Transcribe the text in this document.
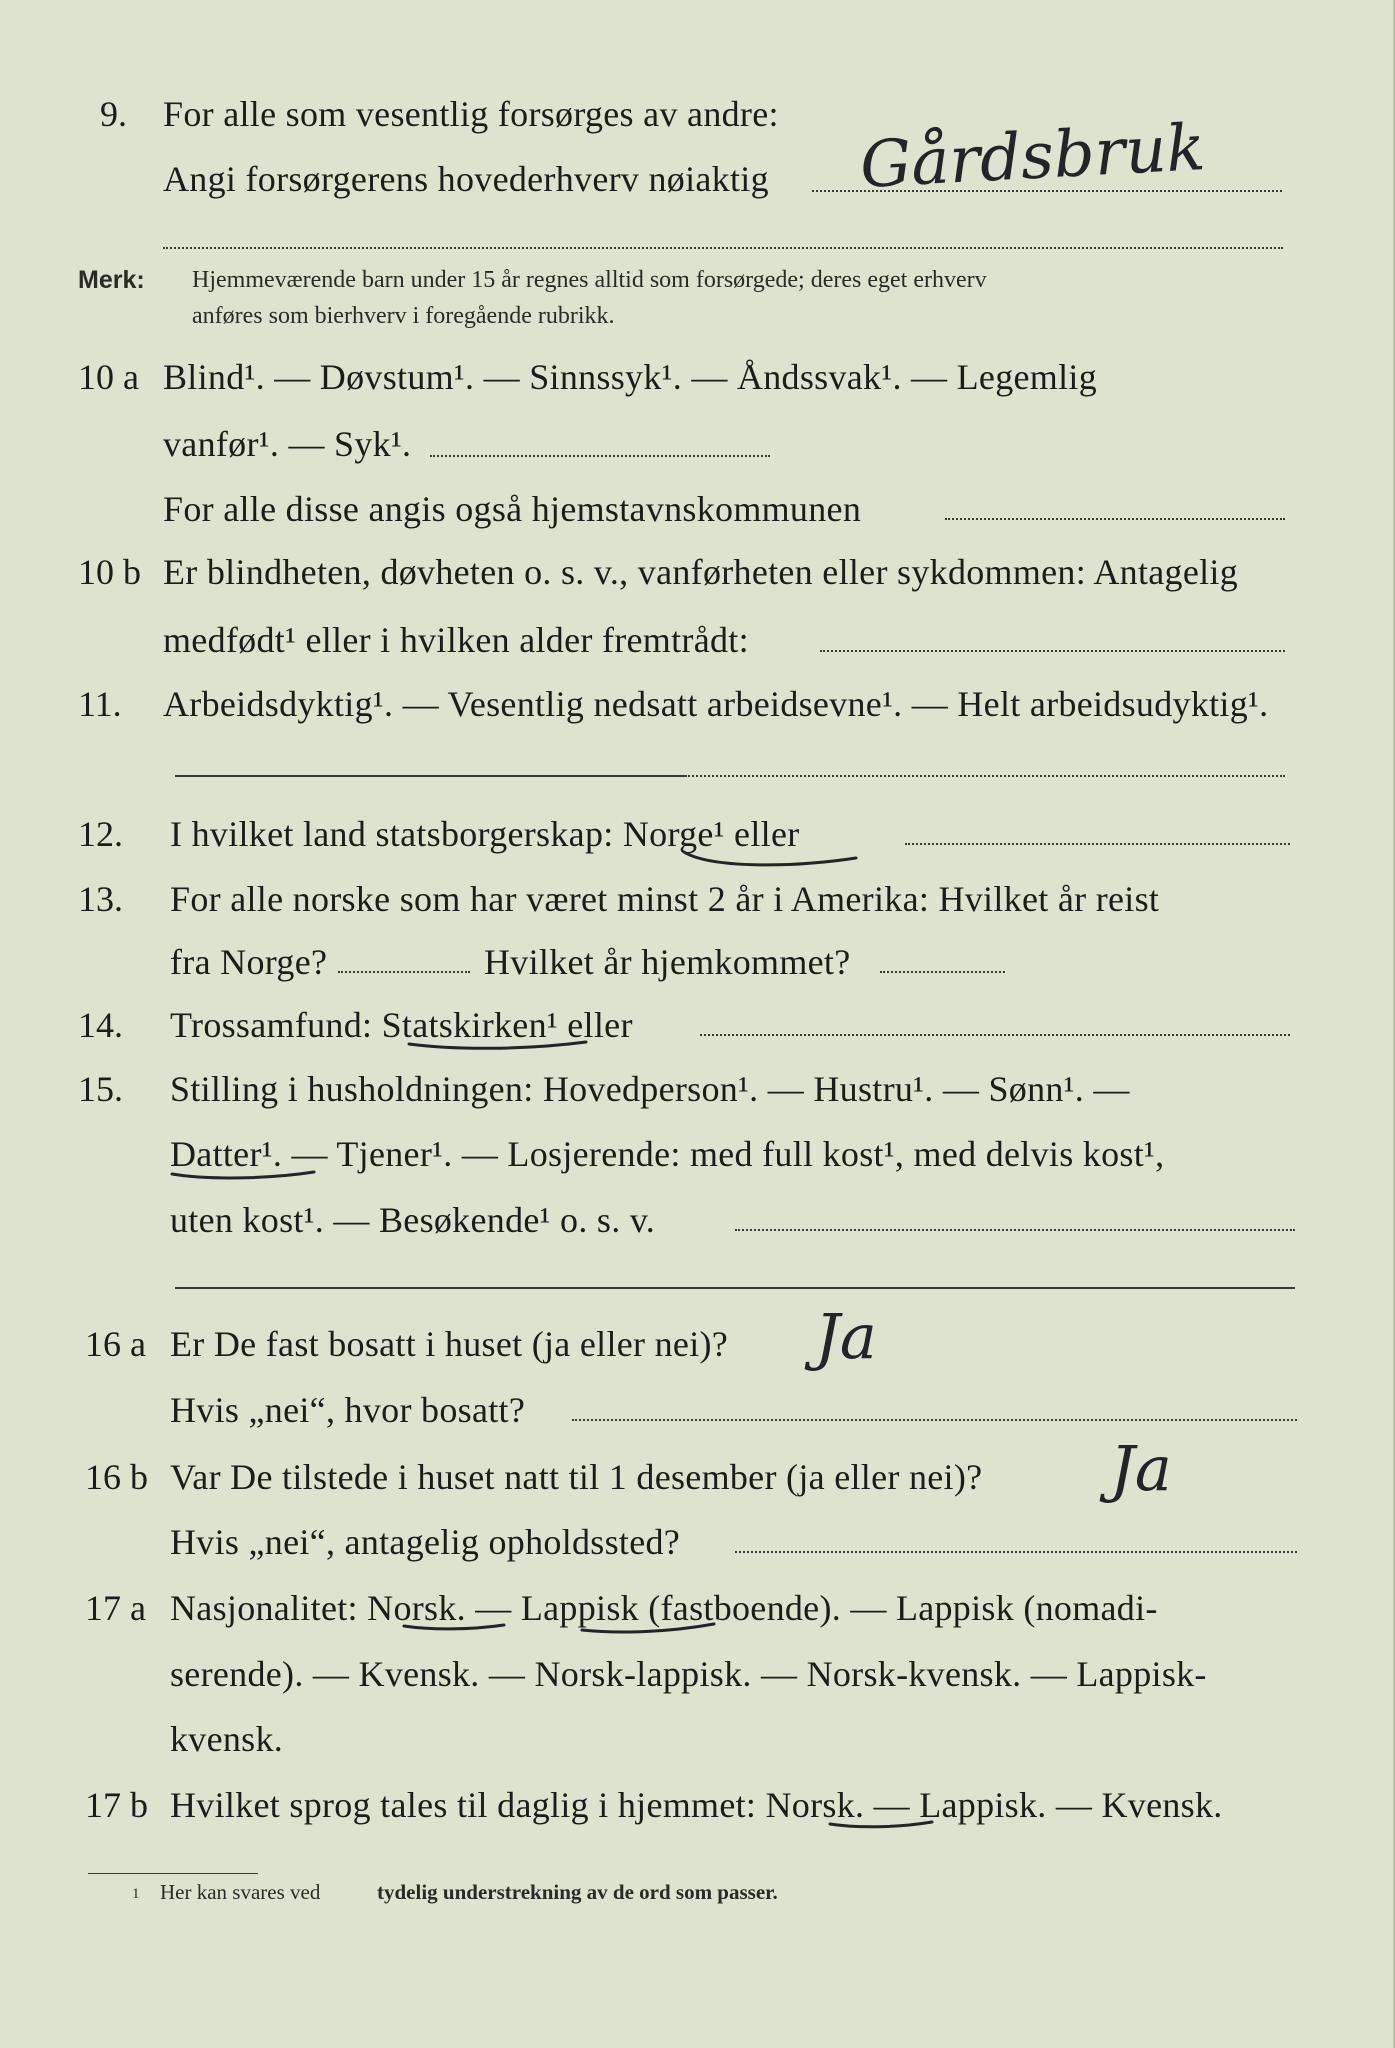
9. For alle som vesentlig forsørges av andre:
Angi forsørgerens hovederhverv nøiaktig Gårdsbruk
Merk: Hjemmeværende barn under 15 år regnes alltid som forsørgede; deres eget erhverv
anføres som bierhverv i foregående rubrikk.
10 a Blind¹. — Døvstum¹. — Sinnssyk¹. — Åndssvak¹. — Legemlig
vanfør¹. — Syk¹.
For alle disse angis også hjemstavnskommunen
10 b Er blindheten, døvheten o. s. v., vanførheten eller sykdommen: Antagelig
medfødt¹ eller i hvilken alder fremtrådt:
11. Arbeidsdyktig¹. — Vesentlig nedsatt arbeidsevne¹. — Helt arbeidsudyktig¹.
12. I hvilket land statsborgerskap: Norge¹ eller
13. For alle norske som har været minst 2 år i Amerika: Hvilket år reist
fra Norge?	Hvilket år hjemkommet?
14. Trossamfund: Statskirken¹ eller
15. Stilling i husholdningen: Hovedperson¹. — Hustru¹. — Sønn¹. —
Datter¹. — Tjener¹. — Losjerende: med full kost¹, med delvis kost¹,
uten kost¹. — Besøkende¹ o. s. v.
16 a Er De fast bosatt i huset (ja eller nei)? Ja
Hvis „nei“, hvor bosatt?
16 b Var De tilstede i huset natt til 1 desember (ja eller nei)? Ja
Hvis „nei“, antagelig opholdssted?
17 a Nasjonalitet: Norsk. — Lappisk (fastboende). — Lappisk (nomadi-
serende). — Kvensk. — Norsk-lappisk. — Norsk-kvensk. — Lappisk-
kvensk.
17 b Hvilket sprog tales til daglig i hjemmet: Norsk. — Lappisk. — Kvensk.
1 Her kan svares ved	tydelig understrekning av de ord som passer.
